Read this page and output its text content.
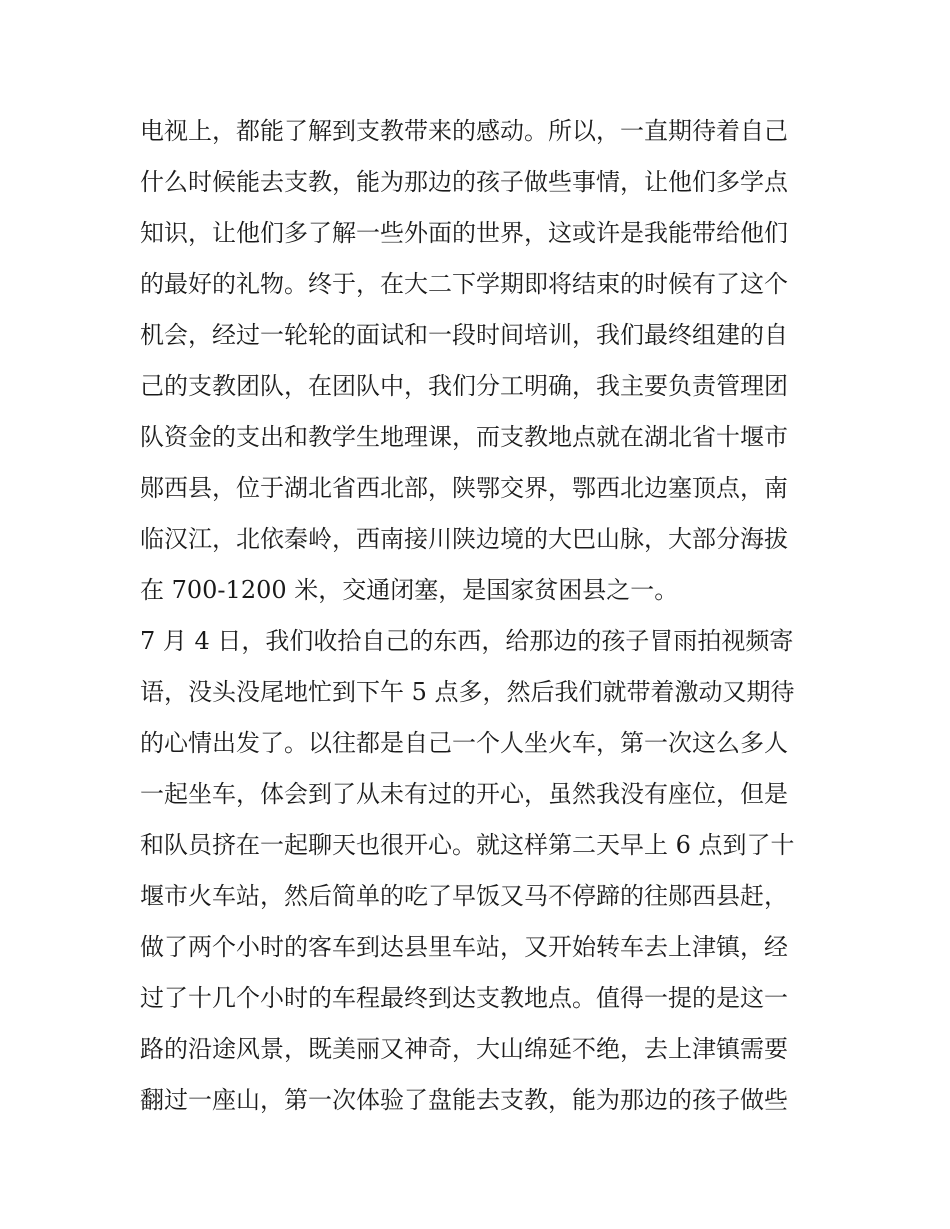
电视上，都能了解到支教带来的感动。所以，一直期待着自己
什么时候能去支教，能为那边的孩子做些事情，让他们多学点
知识，让他们多了解一些外面的世界，这或许是我能带给他们
的最好的礼物。终于，在大二下学期即将结束的时候有了这个
机会，经过一轮轮的面试和一段时间培训，我们最终组建的自
己的支教团队，在团队中，我们分工明确，我主要负责管理团
队资金的支出和教学生地理课，而支教地点就在湖北省十堰市
郧西县，位于湖北省西北部，陕鄂交界，鄂西北边塞顶点，南
临汉江，北依秦岭，西南接川陕边境的大巴山脉，大部分海拔
在 700-1200 米，交通闭塞，是国家贫困县之一。
7 月 4 日，我们收拾自己的东西，给那边的孩子冒雨拍视频寄
语，没头没尾地忙到下午 5 点多，然后我们就带着激动又期待
的心情出发了。以往都是自己一个人坐火车，第一次这么多人
一起坐车，体会到了从未有过的开心，虽然我没有座位，但是
和队员挤在一起聊天也很开心。就这样第二天早上 6 点到了十
堰市火车站，然后简单的吃了早饭又马不停蹄的往郧西县赶，
做了两个小时的客车到达县里车站，又开始转车去上津镇，经
过了十几个小时的车程最终到达支教地点。值得一提的是这一
路的沿途风景，既美丽又神奇，大山绵延不绝，去上津镇需要
翻过一座山，第一次体验了盘能去支教，能为那边的孩子做些
